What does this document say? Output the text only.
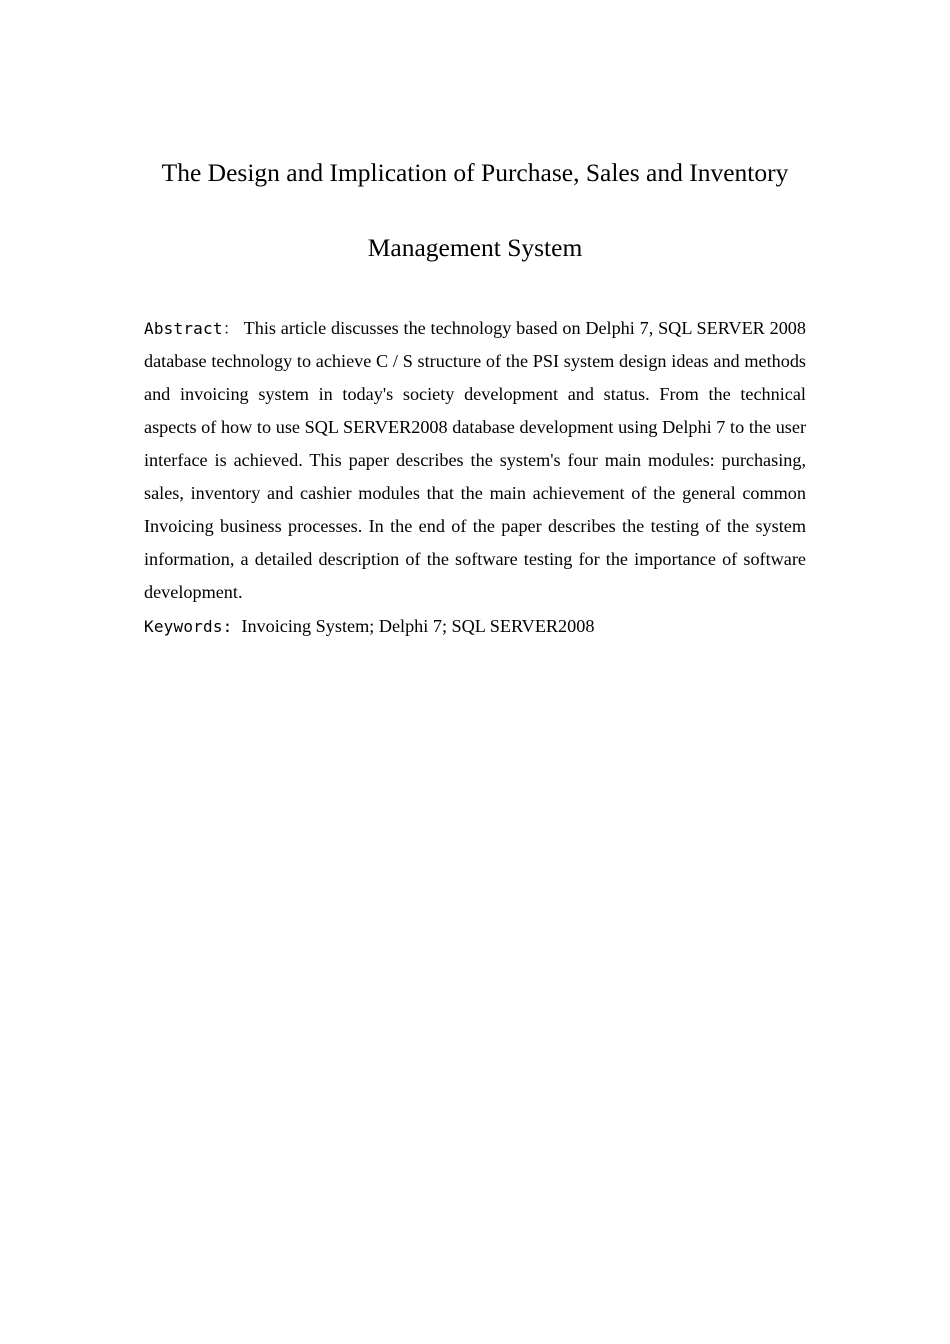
The Design and Implication of Purchase, Sales and Inventory
Management System

Abstract： This article discusses the technology based on Delphi 7, SQL SERVER 2008 database technology to achieve C / S structure of the PSI system design ideas and methods and invoicing system in today's society development and status. From the technical aspects of how to use SQL SERVER2008 database development using Delphi 7 to the user interface is achieved. This paper describes the system's four main modules: purchasing, sales, inventory and cashier modules that the main achievement of the general common Invoicing business processes. In the end of the paper describes the testing of the system information, a detailed description of the software testing for the importance of software development.

Keywords: Invoicing System; Delphi 7; SQL SERVER2008
